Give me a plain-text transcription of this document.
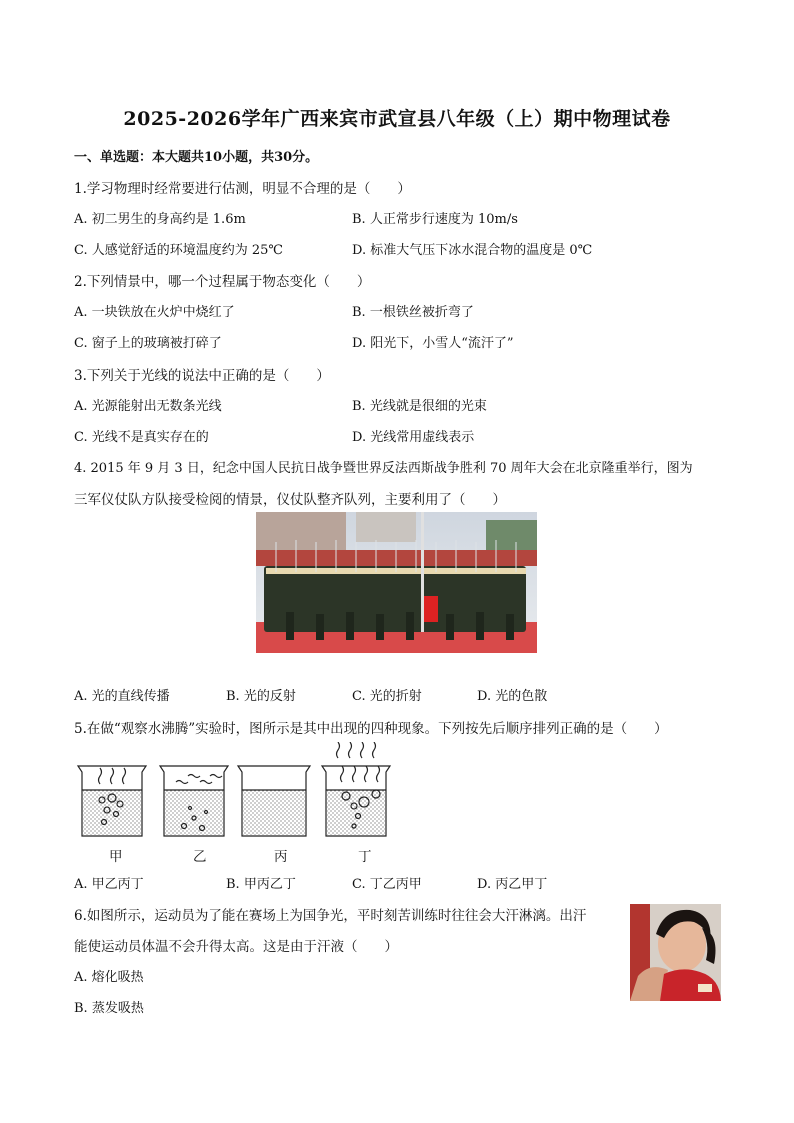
2025-2026学年广西来宾市武宣县八年级（上）期中物理试卷
一、单选题：本大题共10小题，共30分。
1.学习物理时经常要进行估测，明显不合理的是（　　）
A. 初二男生的身高约是 1.6m	B. 人正常步行速度为 10m/s
C. 人感觉舒适的环境温度约为 25℃	D. 标准大气压下冰水混合物的温度是 0℃
2.下列情景中，哪一个过程属于物态变化（　　）
A. 一块铁放在火炉中烧红了	B. 一根铁丝被折弯了
C. 窗子上的玻璃被打碎了	D. 阳光下，小雪人“流汗了”
3.下列关于光线的说法中正确的是（　　）
A. 光源能射出无数条光线	B. 光线就是很细的光束
C. 光线不是真实存在的	D. 光线常用虚线表示
4. 2015 年 9 月 3 日，纪念中国人民抗日战争暨世界反法西斯战争胜利 70 周年大会在北京隆重举行，图为
三军仪仗队方队接受检阅的情景，仪仗队整齐队列，主要利用了（　　）
A. 光的直线传播	B. 光的反射	C. 光的折射	D. 光的色散
5.在做“观察水沸腾”实验时，图所示是其中出现的四种现象。下列按先后顺序排列正确的是（　　）
甲	乙	丙	丁
A. 甲乙丙丁	B. 甲丙乙丁	C. 丁乙丙甲	D. 丙乙甲丁
6.如图所示，运动员为了能在赛场上为国争光，平时刻苦训练时往往会大汗淋漓。出汗
能使运动员体温不会升得太高。这是由于汗液（　　）
A. 熔化吸热
B. 蒸发吸热
